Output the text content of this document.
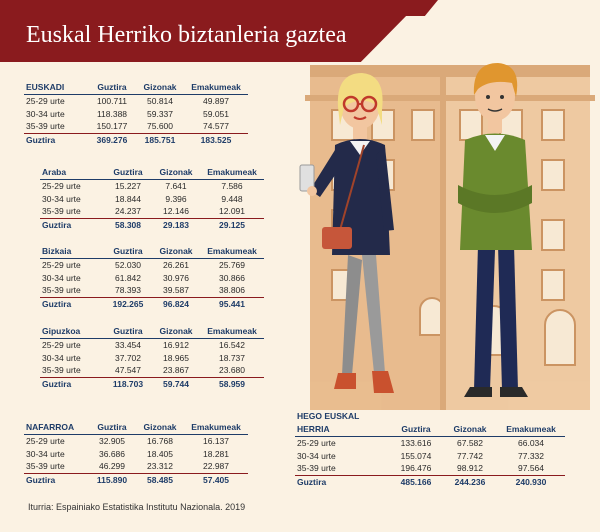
Euskal Herriko biztanleria gaztea
EUSKADI	Guztira	Gizonak	Emakumeak
25-29 urte	100.711	50.814	49.897
30-34 urte	118.388	59.337	59.051
35-39 urte	150.177	75.600	74.577
Guztira	369.276	185.751	183.525
Araba	Guztira	Gizonak	Emakumeak
25-29 urte	15.227	7.641	7.586
30-34 urte	18.844	9.396	9.448
35-39 urte	24.237	12.146	12.091
Guztira	58.308	29.183	29.125
Bizkaia	Guztira	Gizonak	Emakumeak
25-29 urte	52.030	26.261	25.769
30-34 urte	61.842	30.976	30.866
35-39 urte	78.393	39.587	38.806
Guztira	192.265	96.824	95.441
Gipuzkoa	Guztira	Gizonak	Emakumeak
25-29 urte	33.454	16.912	16.542
30-34 urte	37.702	18.965	18.737
35-39 urte	47.547	23.867	23.680
Guztira	118.703	59.744	58.959
NAFARROA	Guztira	Gizonak	Emakumeak
25-29 urte	32.905	16.768	16.137
30-34 urte	36.686	18.405	18.281
35-39 urte	46.299	23.312	22.987
Guztira	115.890	58.485	57.405
HEGO EUSKAL
HERRIA	Guztira	Gizonak	Emakumeak
25-29 urte	133.616	67.582	66.034
30-34 urte	155.074	77.742	77.332
35-39 urte	196.476	98.912	97.564
Guztira	485.166	244.236	240.930
Iturria: Espainiako Estatistika Institutu Nazionala. 2019
